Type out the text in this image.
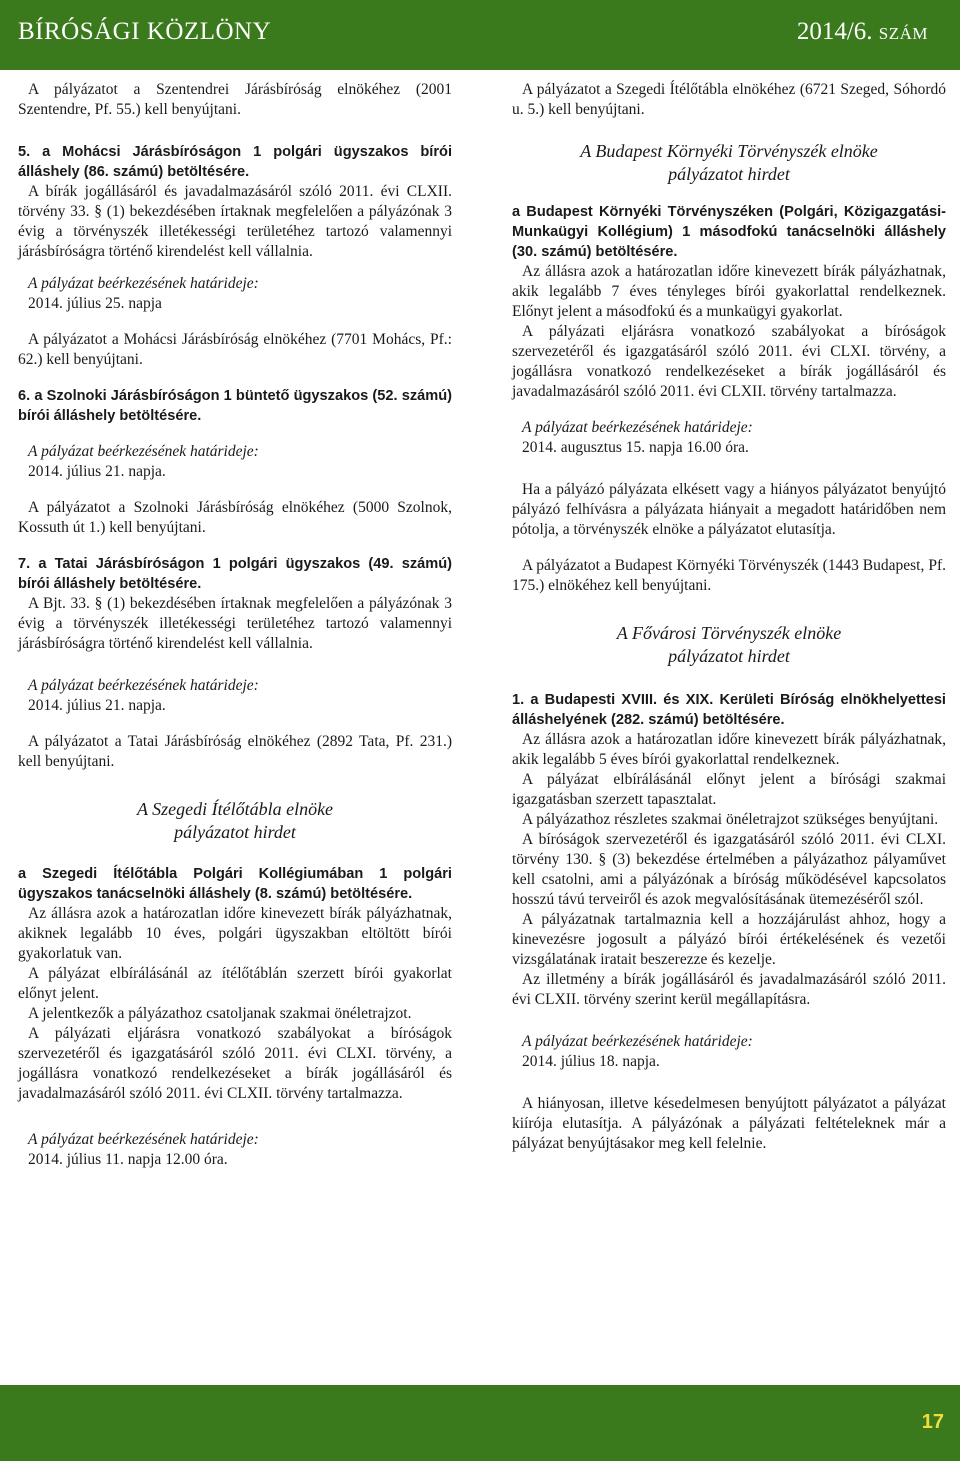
BÍRÓSÁGI KÖZLÖNY	2014/6. SZÁM

A pályázatot a Szentendrei Járásbíróság elnökéhez (2001 Szentendre, Pf. 55.) kell benyújtani.

5. a Mohácsi Járásbíróságon 1 polgári ügyszakos bírói álláshely (86. számú) betöltésére.

A bírák jogállásáról és javadalmazásáról szóló 2011. évi CLXII. törvény 33. § (1) bekezdésében írtaknak megfelelően a pályázónak 3 évig a törvényszék illetékességi területéhez tartozó valamennyi járásbíróságra történő kirendelést kell vállalnia.

A pályázat beérkezésének határideje:

2014. július 25. napja

A pályázatot a Mohácsi Járásbíróság elnökéhez (7701 Mohács, Pf.: 62.) kell benyújtani.

6. a Szolnoki Járásbíróságon 1 büntető ügyszakos (52. számú) bírói álláshely betöltésére.

A pályázat beérkezésének határideje:

2014. július 21. napja.

A pályázatot a Szolnoki Járásbíróság elnökéhez (5000 Szolnok, Kossuth út 1.) kell benyújtani.

7. a Tatai Járásbíróságon 1 polgári ügyszakos (49. számú) bírói álláshely betöltésére.

A Bjt. 33. § (1) bekezdésében írtaknak megfelelően a pályázónak 3 évig a törvényszék illetékességi területéhez tartozó valamennyi járásbíróságra történő kirendelést kell vállalnia.

A pályázat beérkezésének határideje:

2014. július 21. napja.

A pályázatot a Tatai Járásbíróság elnökéhez (2892 Tata, Pf. 231.) kell benyújtani.

A Szegedi Ítélőtábla elnöke

pályázatot hirdet

a Szegedi Ítélőtábla Polgári Kollégiumában 1 polgári ügyszakos tanácselnöki álláshely (8. számú) betöltésére.

Az állásra azok a határozatlan időre kinevezett bírák pályázhatnak, akiknek legalább 10 éves, polgári ügyszakban eltöltött bírói gyakorlatuk van.

A pályázat elbírálásánál az ítélőtáblán szerzett bírói gyakorlat előnyt jelent.

A jelentkezők a pályázathoz csatoljanak szakmai önéletrajzot.

A pályázati eljárásra vonatkozó szabályokat a bíróságok szervezetéről és igazgatásáról szóló 2011. évi CLXI. törvény, a jogállásra vonatkozó rendelkezéseket a bírák jogállásáról és javadalmazásáról szóló 2011. évi CLXII. törvény tartalmazza.

A pályázat beérkezésének határideje:

2014. július 11. napja 12.00 óra.

A pályázatot a Szegedi Ítélőtábla elnökéhez (6721 Szeged, Sóhordó u. 5.) kell benyújtani.

A Budapest Környéki Törvényszék elnöke

pályázatot hirdet

a Budapest Környéki Törvényszéken (Polgári, Közigazgatási-Munkaügyi Kollégium) 1 másodfokú tanácselnöki álláshely (30. számú) betöltésére.

Az állásra azok a határozatlan időre kinevezett bírák pályázhatnak, akik legalább 7 éves tényleges bírói gyakorlattal rendelkeznek. Előnyt jelent a másodfokú és a munkaügyi gyakorlat.

A pályázati eljárásra vonatkozó szabályokat a bíróságok szervezetéről és igazgatásáról szóló 2011. évi CLXI. törvény, a jogállásra vonatkozó rendelkezéseket a bírák jogállásáról és javadalmazásáról szóló 2011. évi CLXII. törvény tartalmazza.

A pályázat beérkezésének határideje:

2014. augusztus 15. napja 16.00 óra.

Ha a pályázó pályázata elkésett vagy a hiányos pályázatot benyújtó pályázó felhívásra a pályázata hiányait a megadott határidőben nem pótolja, a törvényszék elnöke a pályázatot elutasítja.

A pályázatot a Budapest Környéki Törvényszék (1443 Budapest, Pf. 175.) elnökéhez kell benyújtani.

A Fővárosi Törvényszék elnöke

pályázatot hirdet

1. a Budapesti XVIII. és XIX. Kerületi Bíróság elnökhelyettesi álláshelyének (282. számú) betöltésére.

Az állásra azok a határozatlan időre kinevezett bírák pályázhatnak, akik legalább 5 éves bírói gyakorlattal rendelkeznek.

A pályázat elbírálásánál előnyt jelent a bírósági szakmai igazgatásban szerzett tapasztalat.

A pályázathoz részletes szakmai önéletrajzot szükséges benyújtani.

A bíróságok szervezetéről és igazgatásáról szóló 2011. évi CLXI. törvény 130. § (3) bekezdése értelmében a pályázathoz pályaművet kell csatolni, ami a pályázónak a bíróság működésével kapcsolatos hosszú távú terveiről és azok megvalósításának ütemezéséről szól.

A pályázatnak tartalmaznia kell a hozzájárulást ahhoz, hogy a kinevezésre jogosult a pályázó bírói értékelésének és vezetői vizsgálatának iratait beszerezze és kezelje.

Az illetmény a bírák jogállásáról és javadalmazásáról szóló 2011. évi CLXII. törvény szerint kerül megállapításra.

A pályázat beérkezésének határideje:

2014. július 18. napja.

A hiányosan, illetve késedelmesen benyújtott pályázatot a pályázat kiírója elutasítja. A pályázónak a pályázati feltételeknek már a pályázat benyújtásakor meg kell felelnie.

17
